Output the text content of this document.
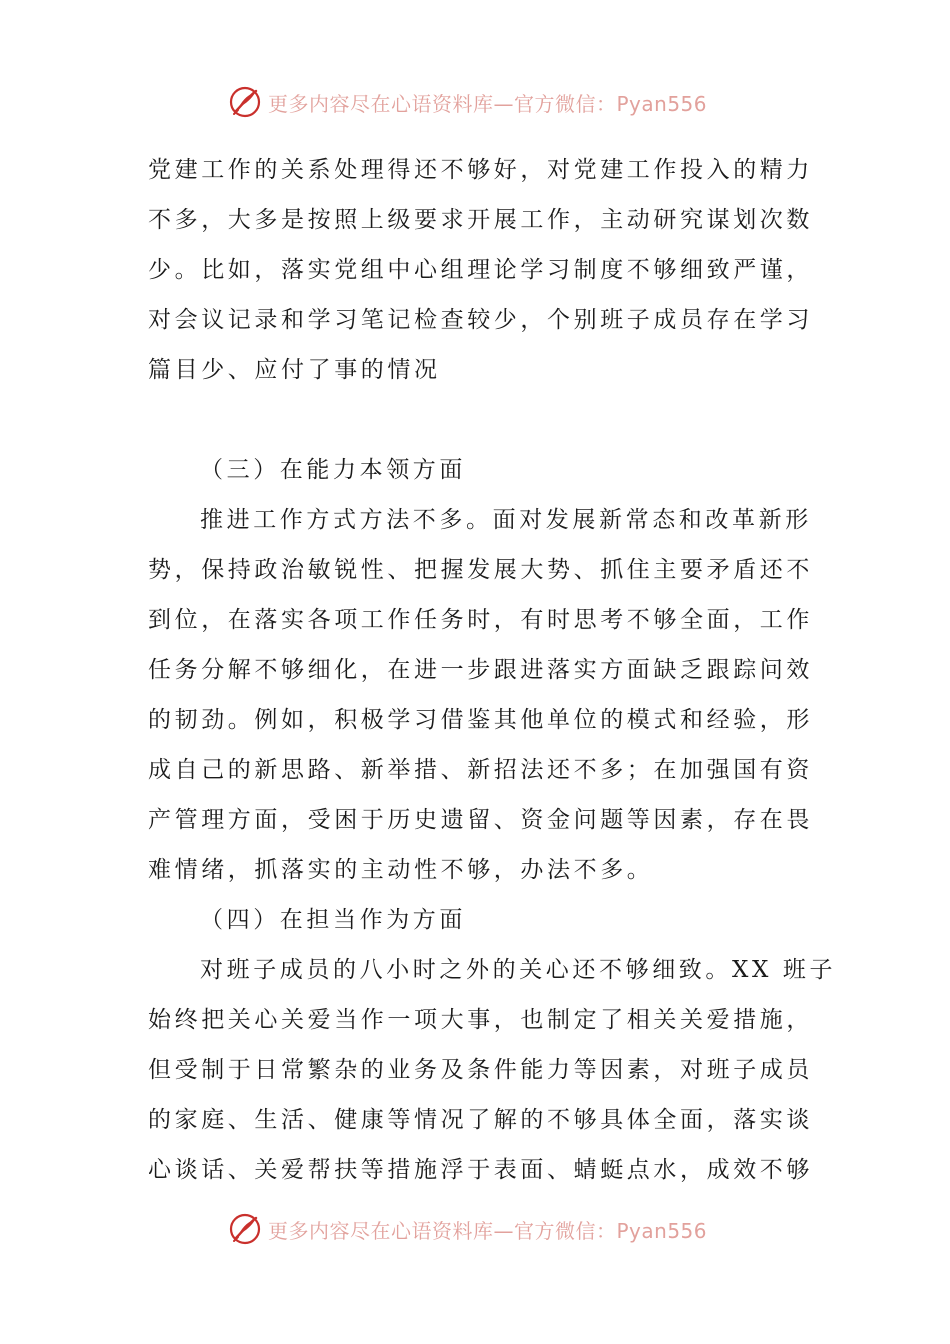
更多内容尽在心语资料库—官方微信：Pyan556
党建工作的关系处理得还不够好，对党建工作投入的精力
不多，大多是按照上级要求开展工作，主动研究谋划次数
少。比如，落实党组中心组理论学习制度不够细致严谨，
对会议记录和学习笔记检查较少，个别班子成员存在学习
篇目少、应付了事的情况
（三）在能力本领方面
推进工作方式方法不多。面对发展新常态和改革新形
势，保持政治敏锐性、把握发展大势、抓住主要矛盾还不
到位，在落实各项工作任务时，有时思考不够全面，工作
任务分解不够细化，在进一步跟进落实方面缺乏跟踪问效
的韧劲。例如，积极学习借鉴其他单位的模式和经验，形
成自己的新思路、新举措、新招法还不多；在加强国有资
产管理方面，受困于历史遗留、资金问题等因素，存在畏
难情绪，抓落实的主动性不够，办法不多。
（四）在担当作为方面
对班子成员的八小时之外的关心还不够细致。XX 班子
始终把关心关爱当作一项大事，也制定了相关关爱措施，
但受制于日常繁杂的业务及条件能力等因素，对班子成员
的家庭、生活、健康等情况了解的不够具体全面，落实谈
心谈话、关爱帮扶等措施浮于表面、蜻蜓点水，成效不够
更多内容尽在心语资料库—官方微信：Pyan556
